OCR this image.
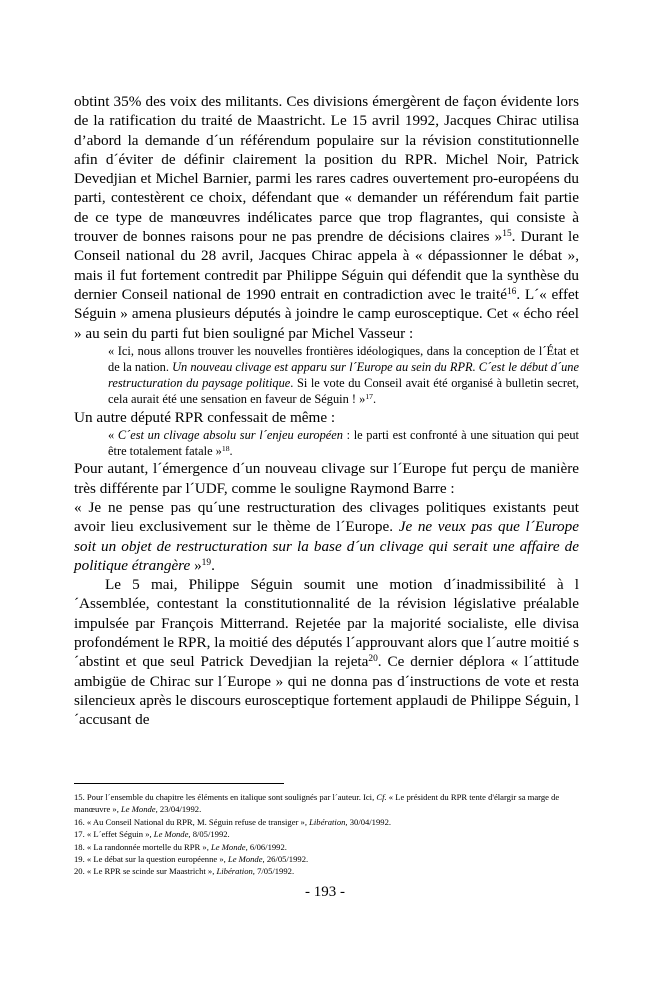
obtint 35% des voix des militants. Ces divisions émergèrent de façon évidente lors de la ratification du traité de Maastricht. Le 15 avril 1992, Jacques Chirac utilisa d’abord la demande d´un référendum populaire sur la révision constitutionnelle afin d´éviter de définir clairement la position du RPR. Michel Noir, Patrick Devedjian et Michel Barnier, parmi les rares cadres ouvertement pro-européens du parti, contestèrent ce choix, défendant que « demander un référendum fait partie de ce type de manœuvres indélicates parce que trop flagrantes, qui consiste à trouver de bonnes raisons pour ne pas prendre de décisions claires »$^{15}$. Durant le Conseil national du 28 avril, Jacques Chirac appela à « dépassionner le débat », mais il fut fortement contredit par Philippe Séguin qui défendit que la synthèse du dernier Conseil national de 1990 entrait en contradiction avec le traité$^{16}$. L´« effet Séguin » amena plusieurs députés à joindre le camp eurosceptique. Cet « écho réel » au sein du parti fut bien souligné par Michel Vasseur :

« Ici, nous allons trouver les nouvelles frontières idéologiques, dans la conception de l´État et de la nation. Un nouveau clivage est apparu sur l´Europe au sein du RPR. C´est le début d´une restructuration du paysage politique. Si le vote du Conseil avait été organisé à bulletin secret, cela aurait été une sensation en faveur de Séguin ! »$^{17}$.

Un autre député RPR confessait de même :

« C´est un clivage absolu sur l´enjeu européen : le parti est confronté à une situation qui peut être totalement fatale »$^{18}$.

Pour autant, l´émergence d´un nouveau clivage sur l´Europe fut perçu de manière très différente par l´UDF, comme le souligne Raymond Barre :

« Je ne pense pas qu´une restructuration des clivages politiques existants peut avoir lieu exclusivement sur le thème de l´Europe. Je ne veux pas que l´Europe soit un objet de restructuration sur la base d´un clivage qui serait une affaire de politique étrangère »$^{19}$.

Le 5 mai, Philippe Séguin soumit une motion d´inadmissibilité à l´Assemblée, contestant la constitutionnalité de la révision législative préalable impulsée par François Mitterrand. Rejetée par la majorité socialiste, elle divisa profondément le RPR, la moitié des députés l´approuvant alors que l´autre moitié s´abstint et que seul Patrick Devedjian la rejeta$^{20}$. Ce dernier déplora « l´attitude ambigüe de Chirac sur l´Europe » qui ne donna pas d´instructions de vote et resta silencieux après le discours eurosceptique fortement applaudi de Philippe Séguin, l´accusant de

15. Pour l´ensemble du chapitre les éléments en italique sont soulignés par l´auteur. Ici, Cf. « Le président du RPR tente d'élargir sa marge de manœuvre », Le Monde, 23/04/1992.

16. « Au Conseil National du RPR, M. Séguin refuse de transiger », Libération, 30/04/1992.

17. « L´effet Séguin », Le Monde, 8/05/1992.

18. « La randonnée mortelle du RPR », Le Monde, 6/06/1992.

19. « Le débat sur la question européenne », Le Monde, 26/05/1992.

20. « Le RPR se scinde sur Maastricht », Libération, 7/05/1992.

- 193 -
